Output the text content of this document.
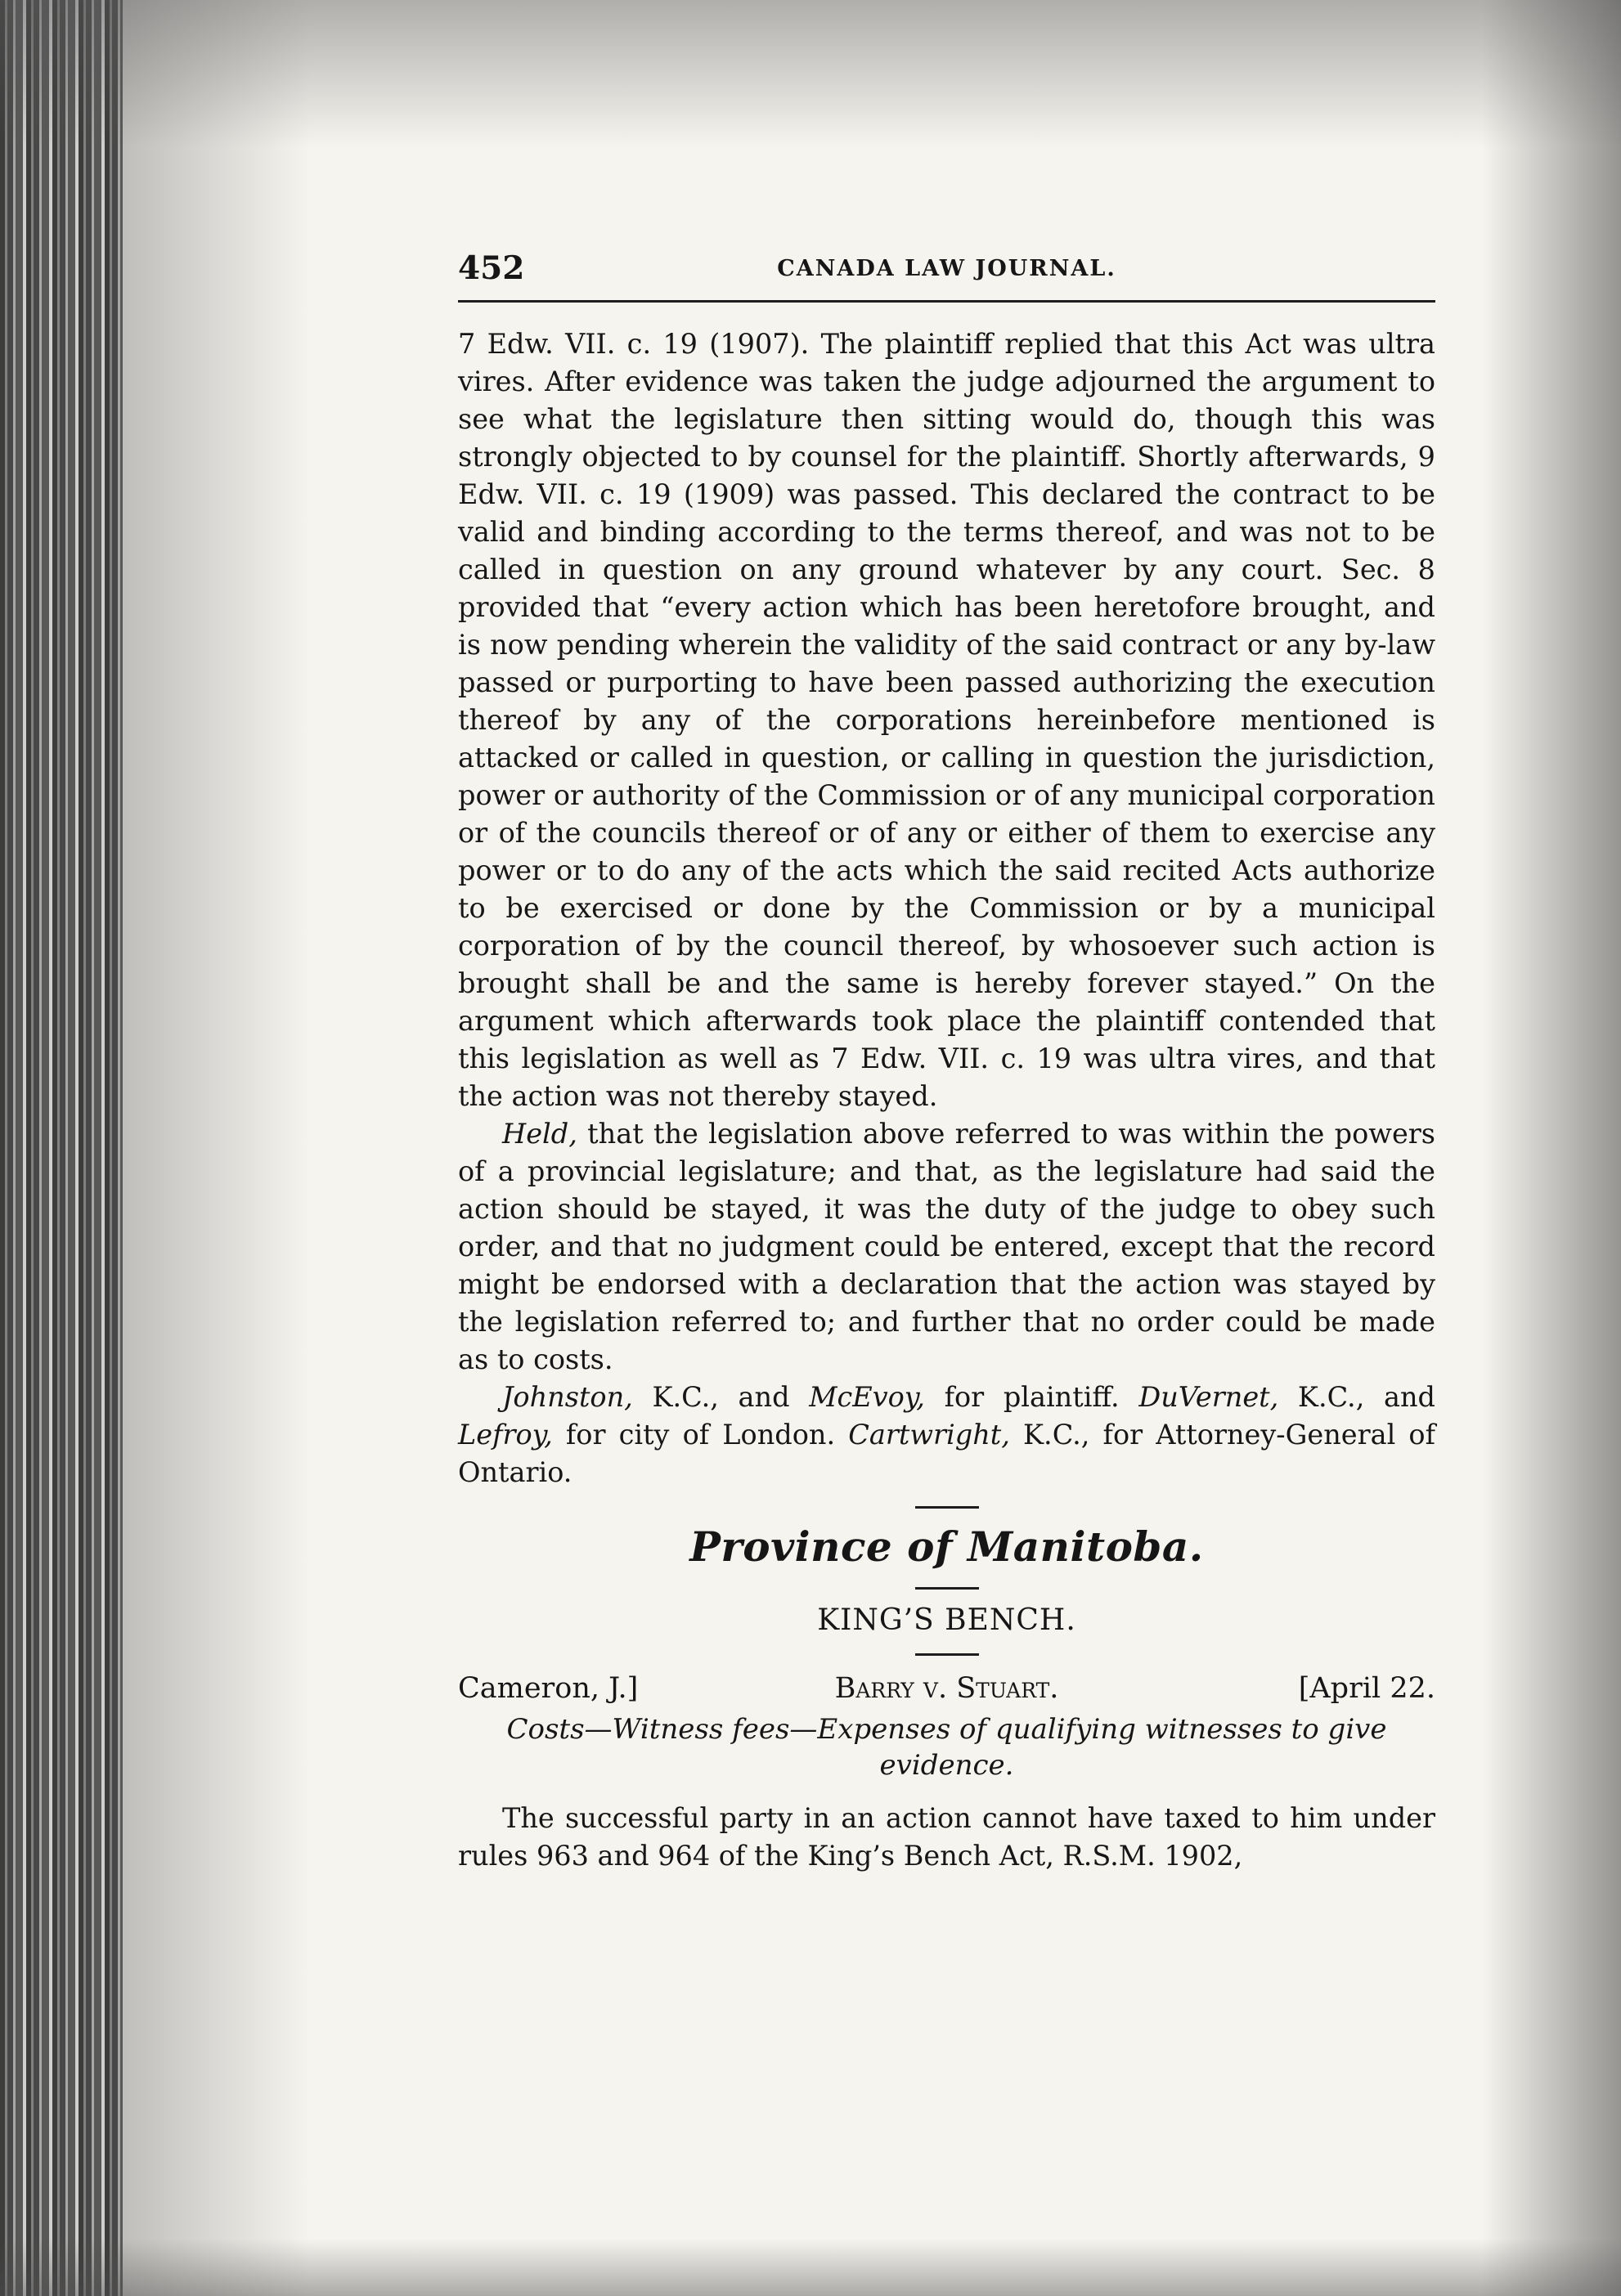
452	CANADA LAW JOURNAL.

7 Edw. VII. c. 19 (1907). The plaintiff replied that this Act was ultra vires. After evidence was taken the judge adjourned the argument to see what the legislature then sitting would do, though this was strongly objected to by counsel for the plaintiff. Shortly afterwards, 9 Edw. VII. c. 19 (1909) was passed. This declared the contract to be valid and binding according to the terms thereof, and was not to be called in question on any ground whatever by any court. Sec. 8 provided that “every action which has been heretofore brought, and is now pending wherein the validity of the said contract or any by-law passed or purporting to have been passed authorizing the execution thereof by any of the corporations hereinbefore mentioned is attacked or called in question, or calling in question the jurisdiction, power or authority of the Commission or of any municipal corporation or of the councils thereof or of any or either of them to exercise any power or to do any of the acts which the said recited Acts authorize to be exercised or done by the Commission or by a municipal corporation of by the council thereof, by whosoever such action is brought shall be and the same is hereby forever stayed.” On the argument which afterwards took place the plaintiff contended that this legislation as well as 7 Edw. VII. c. 19 was ultra vires, and that the action was not thereby stayed.

Held, that the legislation above referred to was within the powers of a provincial legislature; and that, as the legislature had said the action should be stayed, it was the duty of the judge to obey such order, and that no judgment could be entered, except that the record might be endorsed with a declaration that the action was stayed by the legislation referred to; and further that no order could be made as to costs.

Johnston, K.C., and McEvoy, for plaintiff. DuVernet, K.C., and Lefroy, for city of London. Cartwright, K.C., for Attorney-General of Ontario.

Province of Manitoba.
KING’S BENCH.
Cameron, J.]	Barry v. Stuart.	[April 22.
Costs—Witness fees—Expenses of qualifying witnesses to give evidence.

The successful party in an action cannot have taxed to him under rules 963 and 964 of the King’s Bench Act, R.S.M. 1902,
